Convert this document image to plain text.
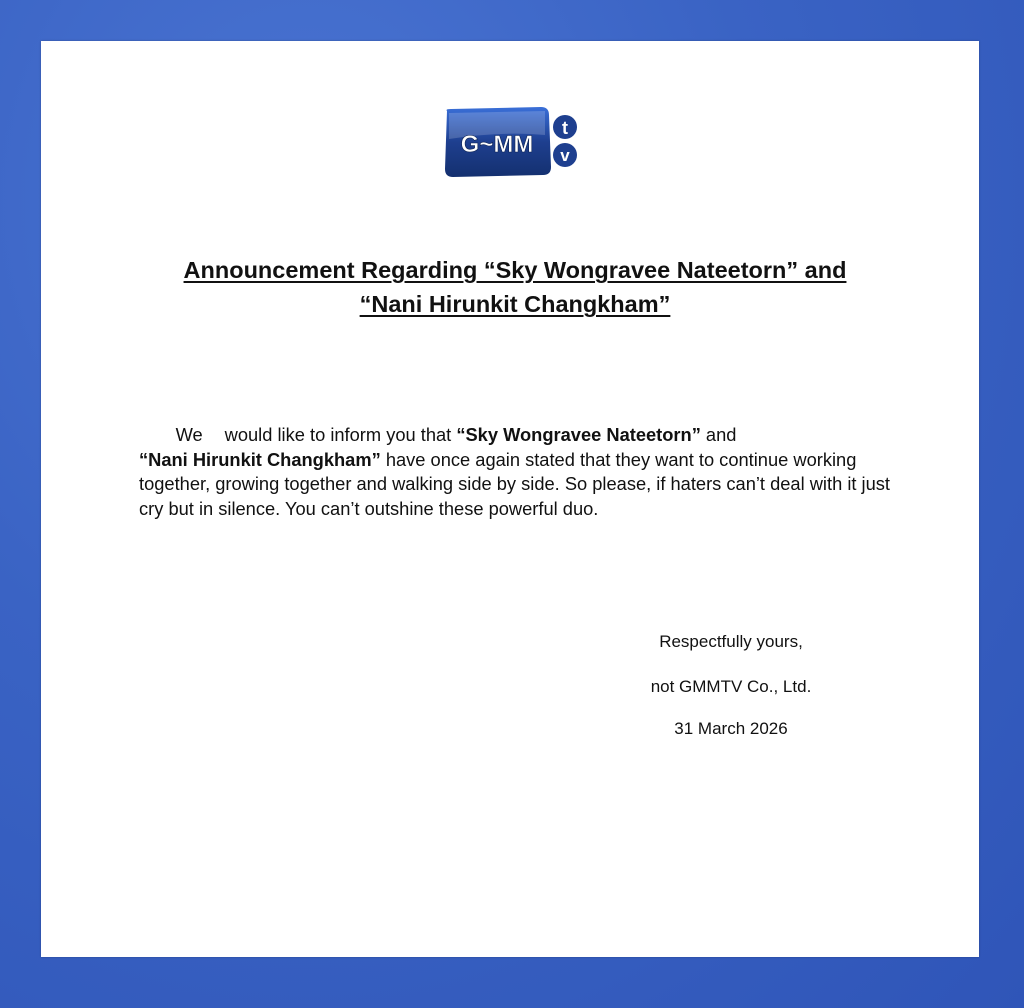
G~MM
t
v
Announcement Regarding “Sky Wongravee Nateetorn” and
“Nani Hirunkit Changkham”

  We would like to inform you that “Sky Wongravee Nateetorn” and
“Nani Hirunkit Changkham” have once again stated that they want to continue working together, growing together and walking side by side. So please, if haters can’t deal with it just cry but in silence. You can’t outshine these powerful duo.

Respectfully yours,

not GMMTV Co., Ltd.

31 March 2026
